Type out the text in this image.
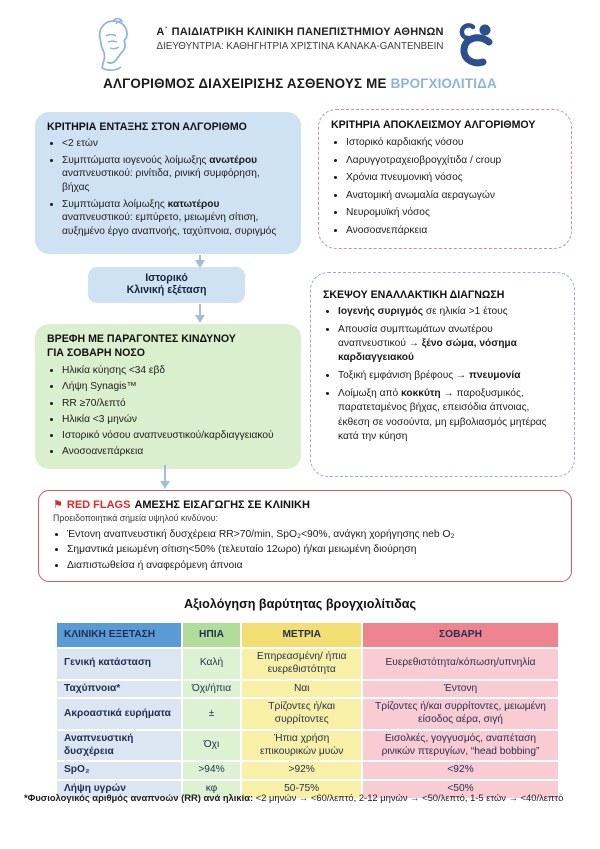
Α΄ ΠΑΙΔΙΑΤΡΙΚΗ ΚΛΙΝΙΚΗ ΠΑΝΕΠΙΣΤΗΜΙΟΥ ΑΘΗΝΩΝ
ΔΙΕΥΘΥΝΤΡΙΑ: ΚΑΘΗΓΗΤΡΙΑ ΧΡΙΣΤΙΝΑ ΚΑΝΑΚΑ-GANTENBEIN
ΑΛΓΟΡΙΘΜΟΣ ΔΙΑΧΕΙΡΙΣΗΣ ΑΣΘΕΝΟΥΣ ΜΕ ΒΡΟΓΧΙΟΛΙΤΙΔΑ
ΚΡΙΤΗΡΙΑ ΕΝΤΑΞΗΣ ΣΤΟΝ ΑΛΓΟΡΙΘΜΟ
• <2 ετών
• Συμπτώματα ιογενούς λοίμωξης ανωτέρου αναπνευστικού: ρινίτιδα, ρινική συμφόρηση, βήχας
• Συμπτώματα λοίμωξης κατωτέρου αναπνευστικού: εμπύρετο, μειωμένη σίτιση, αυξημένο έργο αναπνοής, ταχύπνοια, συριγμός
ΚΡΙΤΗΡΙΑ ΑΠΟΚΛΕΙΣΜΟΥ ΑΛΓΟΡΙΘΜΟΥ
• Ιστορικό καρδιακής νόσου
• Λαρυγγοτραχειοβρογχίτιδα / croup
• Χρόνια πνευμονική νόσος
• Ανατομική ανωμαλία αεραγωγών
• Νευρομυϊκή νόσος
• Ανοσοανεπάρκεια
Ιστορικό
Κλινική εξέταση
ΒΡΕΦΗ ΜΕ ΠΑΡΑΓΟΝΤΕΣ ΚΙΝΔΥΝΟΥ
ΓΙΑ ΣΟΒΑΡΗ ΝΟΣΟ
• Ηλικία κύησης <34 εβδ
• Λήψη Synagis™
• RR ≥70/λεπτό
• Ηλικία <3 μηνών
• Ιστορικό νόσου αναπνευστικού/καρδιαγγειακού
• Ανοσοανεπάρκεια
ΣΚΕΨΟΥ ΕΝΑΛΛΑΚΤΙΚΗ ΔΙΑΓΝΩΣΗ
• Ιογενής συριγμός σε ηλικία >1 έτους
• Απουσία συμπτωμάτων ανωτέρου αναπνευστικού → ξένο σώμα, νόσημα καρδιαγγειακού
• Τοξική εμφάνιση βρέφους → πνευμονία
• Λοίμωξη από κοκκύτη → παροξυσμικός, παρατεταμένος βήχας, επεισόδια άπνοιας, έκθεση σε νοσούντα, μη εμβολιασμός μητέρας κατά την κύηση
⚑ RED FLAGS ΑΜΕΣΗΣ ΕΙΣΑΓΩΓΗΣ ΣΕ ΚΛΙΝΙΚΗ
Προειδοποιητικά σημεία υψηλού κινδύνου:
• Έντονη αναπνευστική δυσχέρεια RR>70/min, SpO₂<90%, ανάγκη χορήγησης neb O₂
• Σημαντικά μειωμένη σίτιση<50% (τελευταίο 12ωρο) ή/και μειωμένη διούρηση
• Διαπιστωθείσα ή αναφερόμενη άπνοια
Αξιολόγηση βαρύτητας βρογχιολίτιδας
ΚΛΙΝΙΚΗ ΕΞΕΤΑΣΗ	ΗΠΙΑ	ΜΕΤΡΙΑ	ΣΟΒΑΡΗ
Γενική κατάσταση	Καλή	Επηρεασμένη/ ήπια ευερεθιστότητα	Ευερεθιστότητα/κόπωση/υπνηλία
Ταχύπνοια*	Όχι/ήπια	Ναι	Έντονη
Ακροαστικά ευρήματα	±	Τρίζοντες ή/και συρρίτοντες	Τρίζοντες ή/και συρρίτοντες, μειωμένη είσοδος αέρα, σιγή
Αναπνευστική δυσχέρεια	Όχι	Ήπια χρήση επικουρικών μυών	Εισολκές, γογγυσμός, αναπέταση ρινικών πτερυγίων, “head bobbing”
SpO₂	>94%	>92%	<92%
Λήψη υγρών	κφ	50-75%	<50%
*Φυσιολογικός αριθμός αναπνοών (RR) ανά ηλικία: <2 μηνών → <60/λεπτό, 2-12 μηνών → <50/λεπτό, 1-5 ετών → <40/λεπτό
